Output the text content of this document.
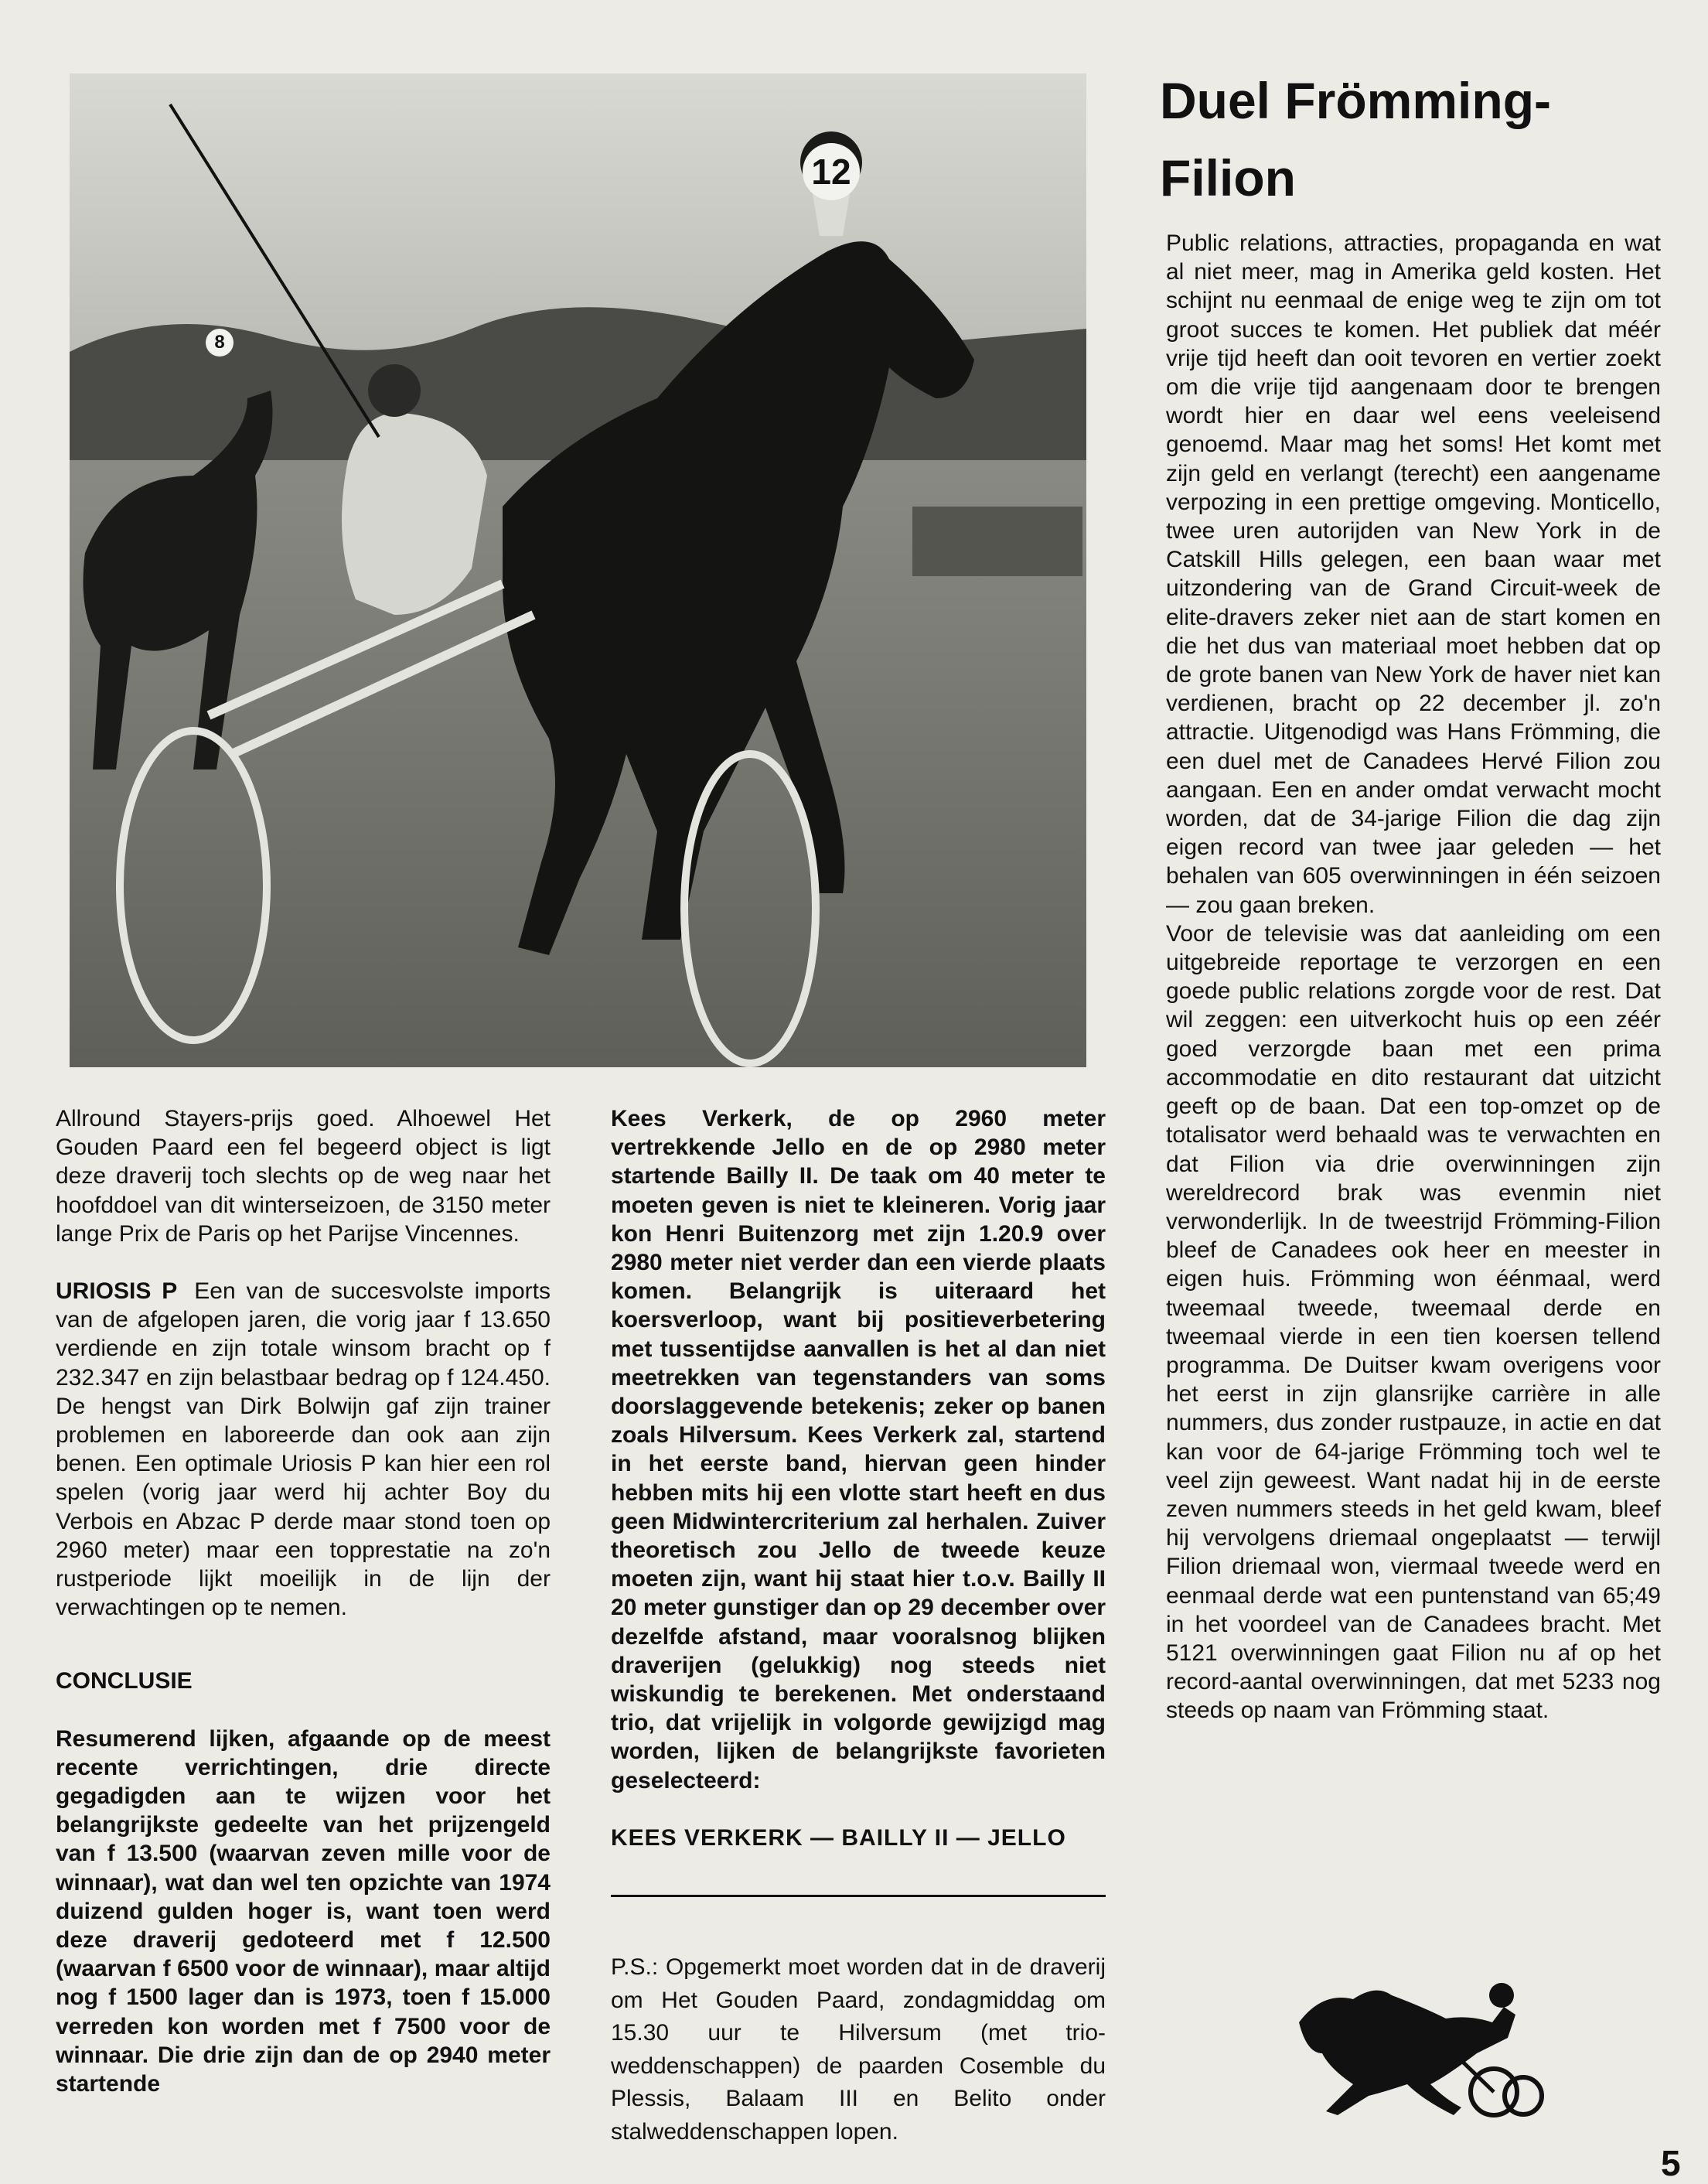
12
8
Duel Frömming-Filion

Public relations, attracties, propaganda en wat al niet meer, mag in Amerika geld kosten. Het schijnt nu eenmaal de enige weg te zijn om tot groot succes te komen. Het publiek dat méér vrije tijd heeft dan ooit tevoren en vertier zoekt om die vrije tijd aangenaam door te brengen wordt hier en daar wel eens veeleisend genoemd. Maar mag het soms! Het komt met zijn geld en verlangt (terecht) een aangename verpozing in een prettige omgeving. Monticello, twee uren autorijden van New York in de Catskill Hills gelegen, een baan waar met uitzondering van de Grand Circuit-week de elite-dravers zeker niet aan de start komen en die het dus van materiaal moet hebben dat op de grote banen van New York de haver niet kan verdienen, bracht op 22 december jl. zo'n attractie. Uitgenodigd was Hans Frömming, die een duel met de Canadees Hervé Filion zou aangaan. Een en ander omdat verwacht mocht worden, dat de 34-jarige Filion die dag zijn eigen record van twee jaar geleden — het behalen van 605 overwinningen in één seizoen — zou gaan breken.

Voor de televisie was dat aanleiding om een uitgebreide reportage te verzorgen en een goede public relations zorgde voor de rest. Dat wil zeggen: een uitverkocht huis op een zéér goed verzorgde baan met een prima accommodatie en dito restaurant dat uitzicht geeft op de baan. Dat een top-omzet op de totalisator werd behaald was te verwachten en dat Filion via drie overwinningen zijn wereldrecord brak was evenmin niet verwonderlijk. In de tweestrijd Frömming-Filion bleef de Canadees ook heer en meester in eigen huis. Frömming won éénmaal, werd tweemaal tweede, tweemaal derde en tweemaal vierde in een tien koersen tellend programma. De Duitser kwam overigens voor het eerst in zijn glansrijke carrière in alle nummers, dus zonder rustpauze, in actie en dat kan voor de 64-jarige Frömming toch wel te veel zijn geweest. Want nadat hij in de eerste zeven nummers steeds in het geld kwam, bleef hij vervolgens driemaal ongeplaatst — terwijl Filion driemaal won, viermaal tweede werd en eenmaal derde wat een puntenstand van 65;49 in het voordeel van de Canadees bracht. Met 5121 overwinningen gaat Filion nu af op het record-aantal overwinningen, dat met 5233 nog steeds op naam van Frömming staat.

Allround Stayers-prijs goed. Alhoewel Het Gouden Paard een fel begeerd object is ligt deze draverij toch slechts op de weg naar het hoofddoel van dit winterseizoen, de 3150 meter lange Prix de Paris op het Parijse Vincennes.

URIOSIS P Een van de succesvolste imports van de afgelopen jaren, die vorig jaar f 13.650 verdiende en zijn totale winsom bracht op f 232.347 en zijn belastbaar bedrag op f 124.450. De hengst van Dirk Bolwijn gaf zijn trainer problemen en laboreerde dan ook aan zijn benen. Een optimale Uriosis P kan hier een rol spelen (vorig jaar werd hij achter Boy du Verbois en Abzac P derde maar stond toen op 2960 meter) maar een topprestatie na zo'n rustperiode lijkt moeilijk in de lijn der verwachtingen op te nemen.

CONCLUSIE

Resumerend lijken, afgaande op de meest recente verrichtingen, drie directe gegadigden aan te wijzen voor het belangrijkste gedeelte van het prijzengeld van f 13.500 (waarvan zeven mille voor de winnaar), wat dan wel ten opzichte van 1974 duizend gulden hoger is, want toen werd deze draverij gedoteerd met f 12.500 (waarvan f 6500 voor de winnaar), maar altijd nog f 1500 lager dan is 1973, toen f 15.000 verreden kon worden met f 7500 voor de winnaar. Die drie zijn dan de op 2940 meter startende

Kees Verkerk, de op 2960 meter vertrekkende Jello en de op 2980 meter startende Bailly II. De taak om 40 meter te moeten geven is niet te kleineren. Vorig jaar kon Henri Buitenzorg met zijn 1.20.9 over 2980 meter niet verder dan een vierde plaats komen. Belangrijk is uiteraard het koersverloop, want bij positieverbetering met tussentijdse aanvallen is het al dan niet meetrekken van tegenstanders van soms doorslaggevende betekenis; zeker op banen zoals Hilversum. Kees Verkerk zal, startend in het eerste band, hiervan geen hinder hebben mits hij een vlotte start heeft en dus geen Midwintercriterium zal herhalen. Zuiver theoretisch zou Jello de tweede keuze moeten zijn, want hij staat hier t.o.v. Bailly II 20 meter gunstiger dan op 29 december over dezelfde afstand, maar vooralsnog blijken draverijen (gelukkig) nog steeds niet wiskundig te berekenen. Met onderstaand trio, dat vrijelijk in volgorde gewijzigd mag worden, lijken de belangrijkste favorieten geselecteerd:

KEES VERKERK — BAILLY II — JELLO

P.S.: Opgemerkt moet worden dat in de draverij om Het Gouden Paard, zondagmiddag om 15.30 uur te Hilversum (met trio-weddenschappen) de paarden Cosemble du Plessis, Balaam III en Belito onder stalweddenschappen lopen.

5
